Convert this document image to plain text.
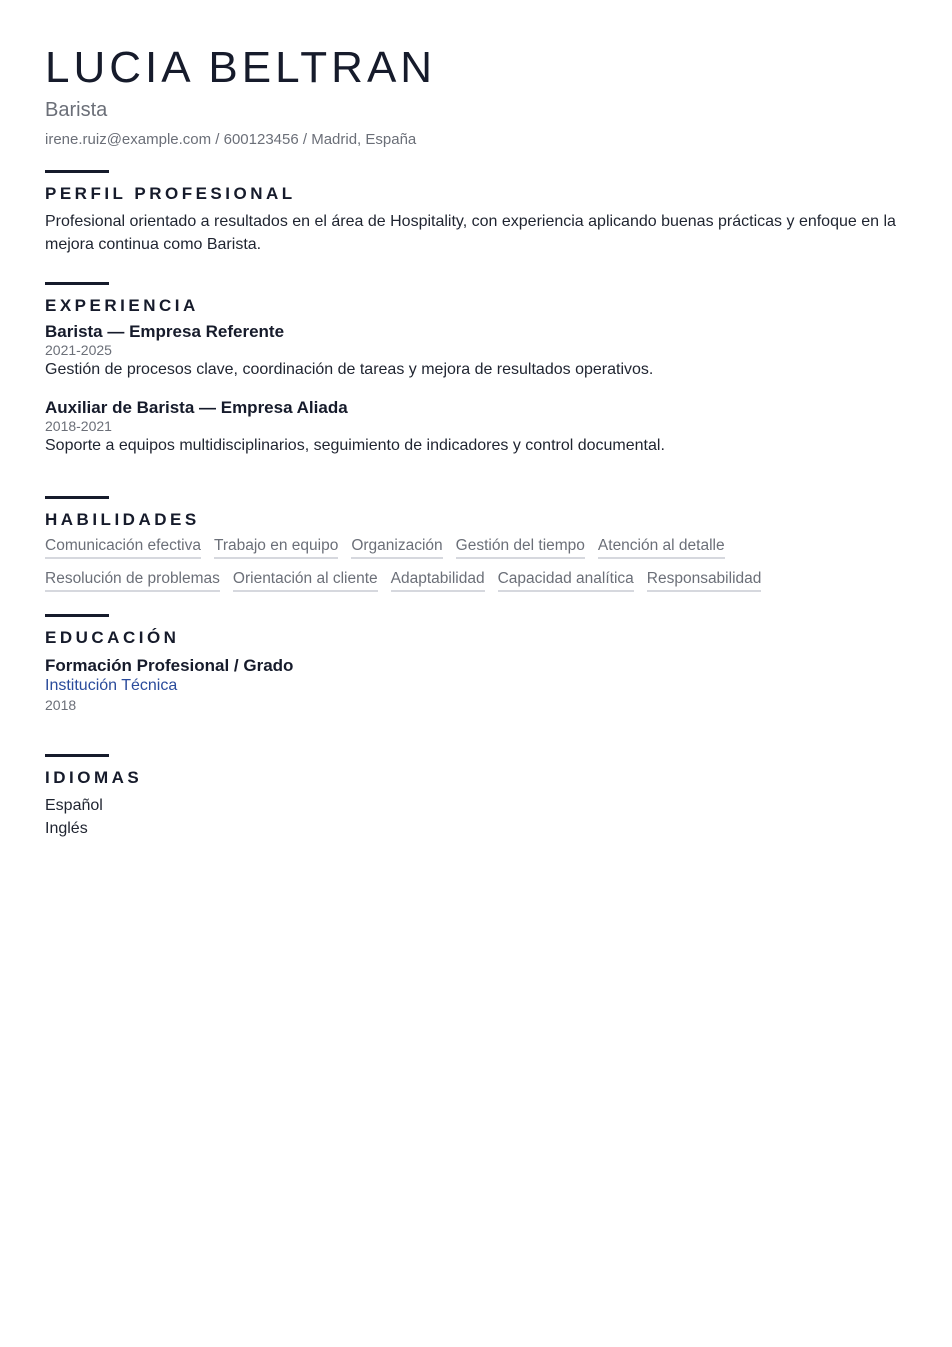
LUCIA BELTRAN
Barista
irene.ruiz@example.com / 600123456 / Madrid, España
PERFIL PROFESIONAL

Profesional orientado a resultados en el área de Hospitality, con experiencia aplicando buenas prácticas y enfoque en la mejora continua como Barista.

EXPERIENCIA
Barista — Empresa Referente
2021-2025
Gestión de procesos clave, coordinación de tareas y mejora de resultados operativos.
Auxiliar de Barista — Empresa Aliada
2018-2021
Soporte a equipos multidisciplinarios, seguimiento de indicadores y control documental.
HABILIDADES
Comunicación efectiva Trabajo en equipo Organización Gestión del tiempo Atención al detalle
Resolución de problemas Orientación al cliente Adaptabilidad Capacidad analítica Responsabilidad
EDUCACIÓN
Formación Profesional / Grado
Institución Técnica
2018
IDIOMAS
Español
Inglés
